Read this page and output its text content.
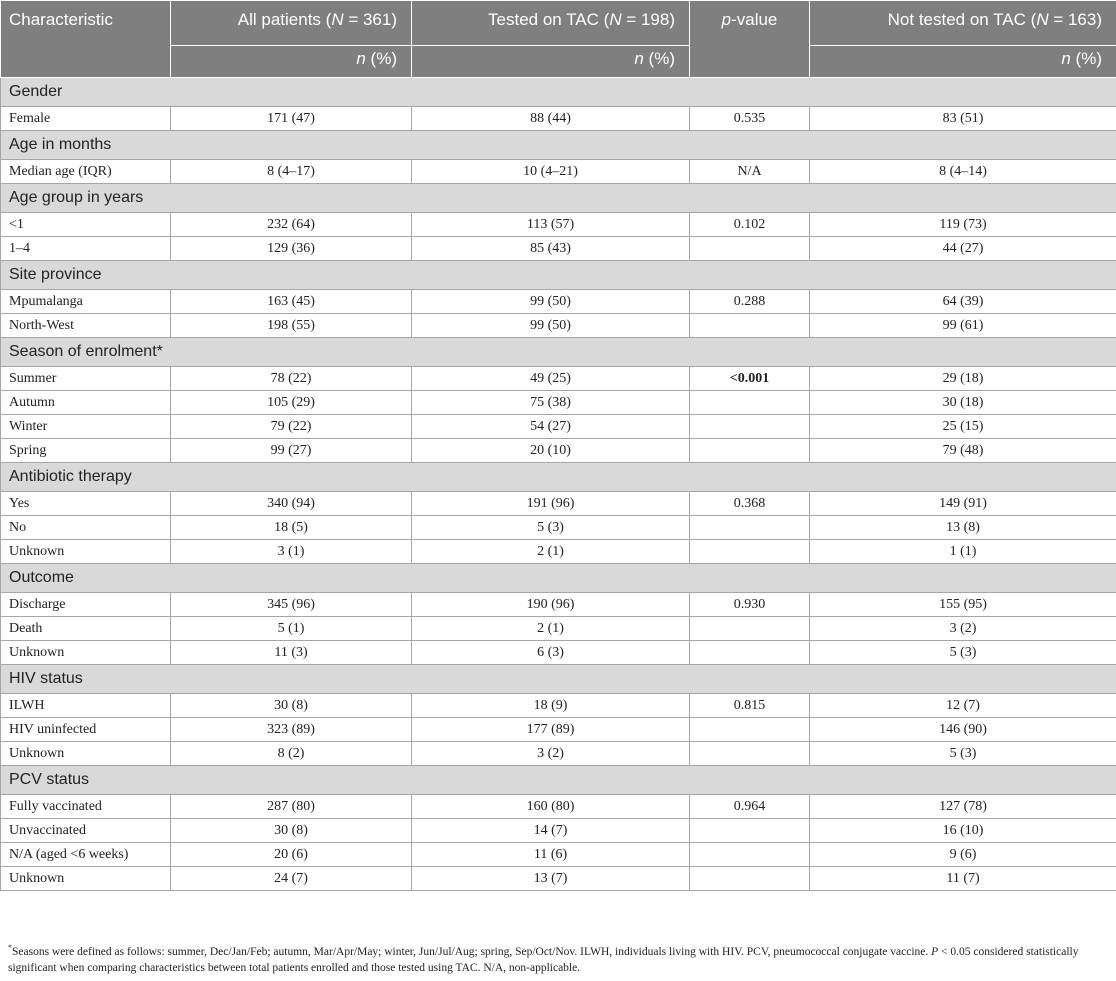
Characteristic	All patients (N = 361)	Tested on TAC (N = 198)	p-value	Not tested on TAC (N = 163)
	n (%)	n (%)		n (%)
Gender				
Female	171 (47)	88 (44)	0.535	83 (51)
Age in months				
Median age (IQR)	8 (4–17)	10 (4–21)	N/A	8 (4–14)
Age group in years				
<1	232 (64)	113 (57)	0.102	119 (73)
1–4	129 (36)	85 (43)		44 (27)
Site province				
Mpumalanga	163 (45)	99 (50)	0.288	64 (39)
North-West	198 (55)	99 (50)		99 (61)
Season of enrolment*				
Summer	78 (22)	49 (25)	<0.001	29 (18)
Autumn	105 (29)	75 (38)		30 (18)
Winter	79 (22)	54 (27)		25 (15)
Spring	99 (27)	20 (10)		79 (48)
Antibiotic therapy				
Yes	340 (94)	191 (96)	0.368	149 (91)
No	18 (5)	5 (3)		13 (8)
Unknown	3 (1)	2 (1)		1 (1)
Outcome				
Discharge	345 (96)	190 (96)	0.930	155 (95)
Death	5 (1)	2 (1)		3 (2)
Unknown	11 (3)	6 (3)		5 (3)
HIV status				
ILWH	30 (8)	18 (9)	0.815	12 (7)
HIV uninfected	323 (89)	177 (89)		146 (90)
Unknown	8 (2)	3 (2)		5 (3)
PCV status				
Fully vaccinated	287 (80)	160 (80)	0.964	127 (78)
Unvaccinated	30 (8)	14 (7)		16 (10)
N/A (aged <6 weeks)	20 (6)	11 (6)		9 (6)
Unknown	24 (7)	13 (7)		11 (7)
*Seasons were defined as follows: summer, Dec/Jan/Feb; autumn, Mar/Apr/May; winter, Jun/Jul/Aug; spring, Sep/Oct/Nov. ILWH, individuals living with HIV. PCV, pneumococcal conjugate vaccine. P < 0.05 considered statistically significant when comparing characteristics between total patients enrolled and those tested using TAC. N/A, non-applicable.
